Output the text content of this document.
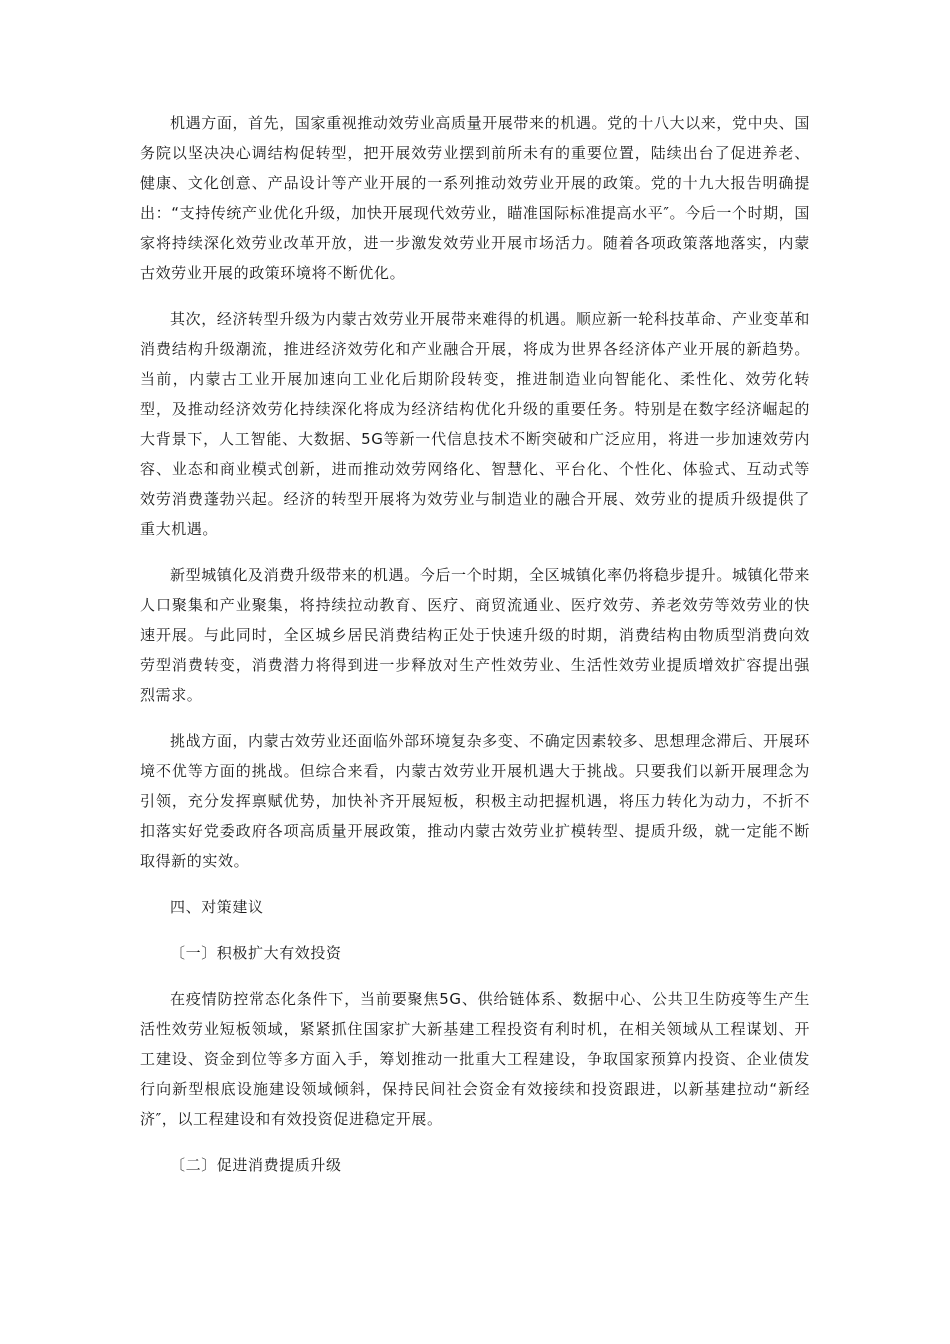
机遇方面，首先，国家重视推动效劳业高质量开展带来的机遇。党的十八大以来，党中央、国务院以坚决决心调结构促转型，把开展效劳业摆到前所未有的重要位置，陆续出台了促进养老、健康、文化创意、产品设计等产业开展的一系列推动效劳业开展的政策。党的十九大报告明确提出：“支持传统产业优化升级，加快开展现代效劳业，瞄准国际标准提高水平″。今后一个时期，国家将持续深化效劳业改革开放，进一步激发效劳业开展市场活力。随着各项政策落地落实，内蒙古效劳业开展的政策环境将不断优化。

其次，经济转型升级为内蒙古效劳业开展带来难得的机遇。顺应新一轮科技革命、产业变革和消费结构升级潮流，推进经济效劳化和产业融合开展，将成为世界各经济体产业开展的新趋势。当前，内蒙古工业开展加速向工业化后期阶段转变，推进制造业向智能化、柔性化、效劳化转型，及推动经济效劳化持续深化将成为经济结构优化升级的重要任务。特别是在数字经济崛起的大背景下，人工智能、大数据、5G等新一代信息技术不断突破和广泛应用，将进一步加速效劳内容、业态和商业模式创新，进而推动效劳网络化、智慧化、平台化、个性化、体验式、互动式等效劳消费蓬勃兴起。经济的转型开展将为效劳业与制造业的融合开展、效劳业的提质升级提供了重大机遇。

新型城镇化及消费升级带来的机遇。今后一个时期，全区城镇化率仍将稳步提升。城镇化带来人口聚集和产业聚集，将持续拉动教育、医疗、商贸流通业、医疗效劳、养老效劳等效劳业的快速开展。与此同时，全区城乡居民消费结构正处于快速升级的时期，消费结构由物质型消费向效劳型消费转变，消费潜力将得到进一步释放对生产性效劳业、生活性效劳业提质增效扩容提出强烈需求。

挑战方面，内蒙古效劳业还面临外部环境复杂多变、不确定因素较多、思想理念滞后、开展环境不优等方面的挑战。但综合来看，内蒙古效劳业开展机遇大于挑战。只要我们以新开展理念为引领，充分发挥禀赋优势，加快补齐开展短板，积极主动把握机遇，将压力转化为动力，不折不扣落实好党委政府各项高质量开展政策，推动内蒙古效劳业扩模转型、提质升级，就一定能不断取得新的实效。

四、对策建议

〔一〕积极扩大有效投资

在疫情防控常态化条件下，当前要聚焦5G、供给链体系、数据中心、公共卫生防疫等生产生活性效劳业短板领域，紧紧抓住国家扩大新基建工程投资有利时机，在相关领域从工程谋划、开工建设、资金到位等多方面入手，筹划推动一批重大工程建设，争取国家预算内投资、企业债发行向新型根底设施建设领域倾斜，保持民间社会资金有效接续和投资跟进，以新基建拉动“新经济″，以工程建设和有效投资促进稳定开展。

〔二〕促进消费提质升级
